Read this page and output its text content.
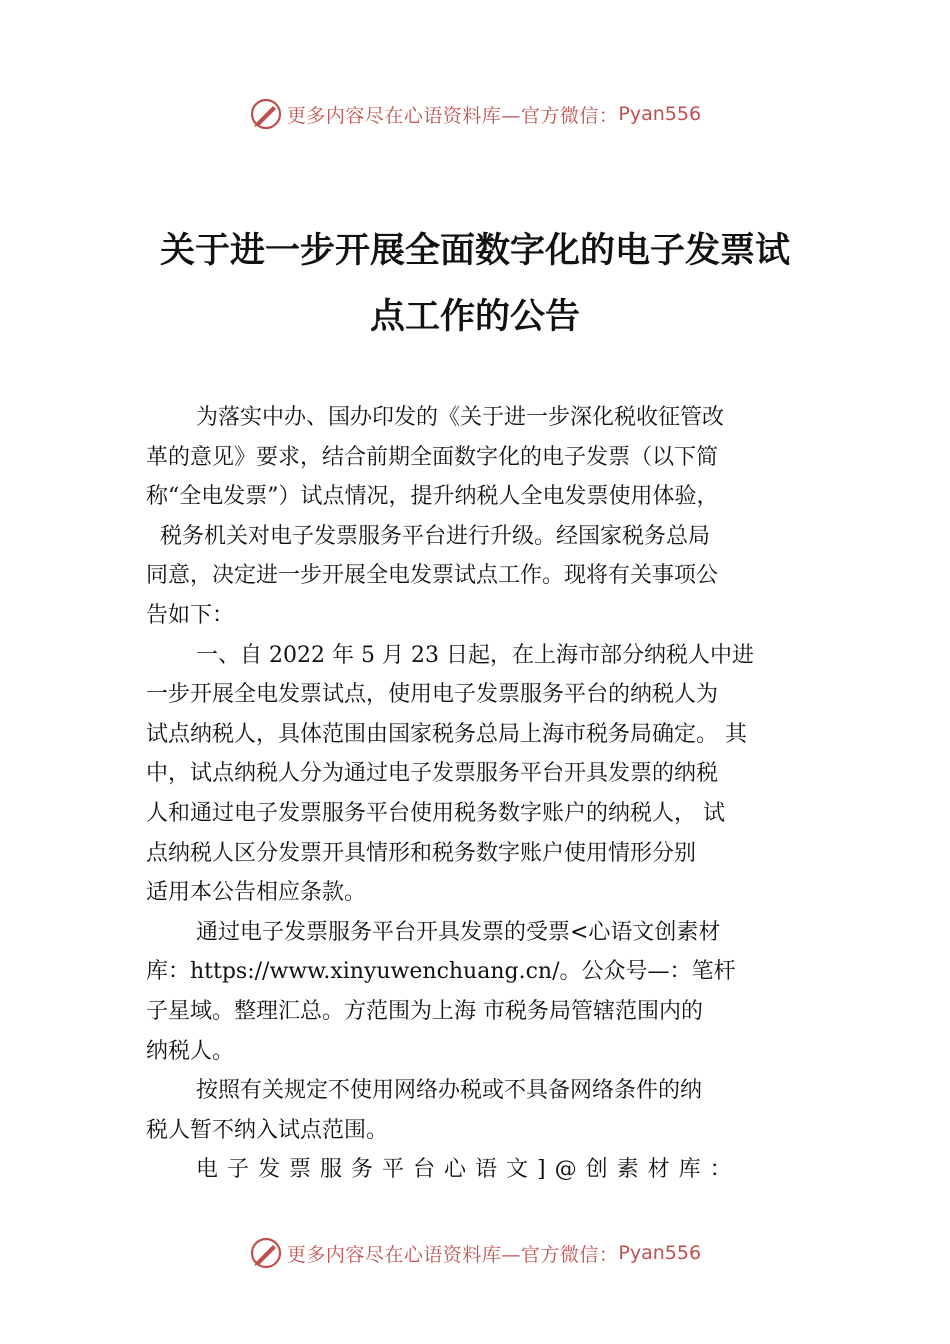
更多内容尽在心语资料库—官方微信： Pyan556
关于进一步开展全面数字化的电子发票试
点工作的公告
为落实中办、国办印发的《关于进一步深化税收征管改
革的意见》要求，结合前期全面数字化的电子发票（以下简
称“全电发票”）试点情况，提升纳税人全电发票使用体验，
税务机关对电子发票服务平台进行升级。经国家税务总局
同意，决定进一步开展全电发票试点工作。现将有关事项公
告如下：
一、自 2022 年 5 月 23 日起，在上海市部分纳税人中进
一步开展全电发票试点，使用电子发票服务平台的纳税人为
试点纳税人，具体范围由国家税务总局上海市税务局确定。 其
中，试点纳税人分为通过电子发票服务平台开具发票的纳税
人和通过电子发票服务平台使用税务数字账户的纳税人， 试
点纳税人区分发票开具情形和税务数字账户使用情形分别
适用本公告相应条款。
通过电子发票服务平台开具发票的受票<心语文创素材
库：https://www.xinyuwenchuang.cn/。公众号—：笔杆
子星域。整理汇总。方范围为上海 市税务局管辖范围内的
纳税人。
按照有关规定不使用网络办税或不具备网络条件的纳
税人暂不纳入试点范围。
电子发票服务平台心语文]@创素材库：
更多内容尽在心语资料库—官方微信： Pyan556
